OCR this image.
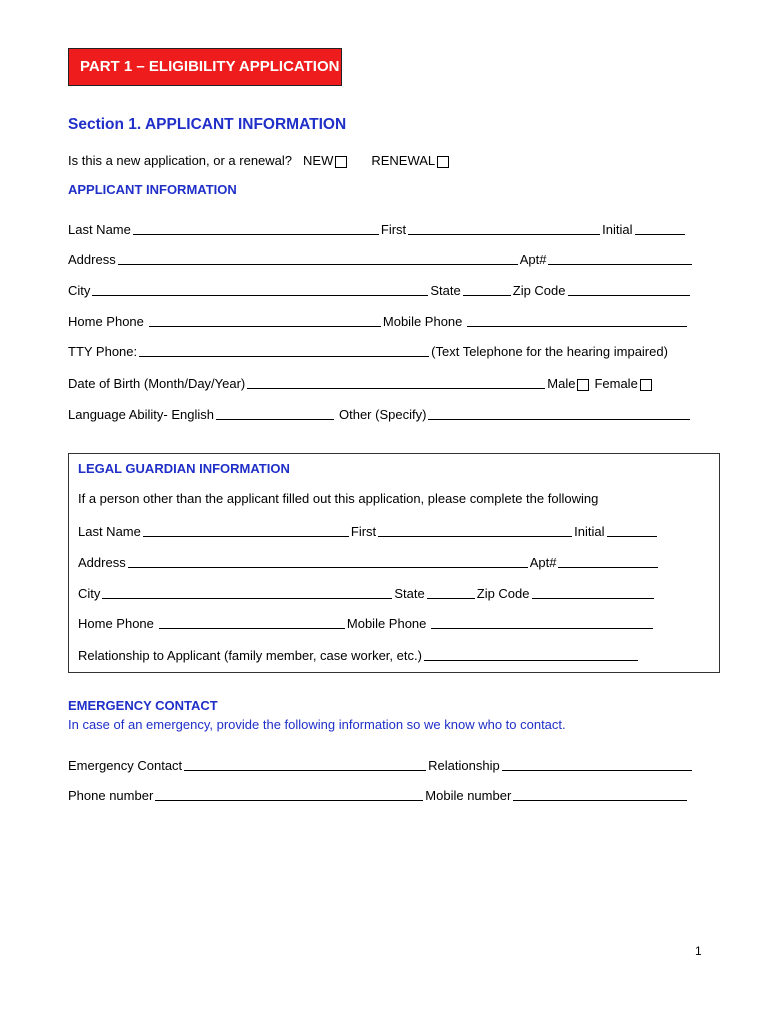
PART 1 – ELIGIBILITY APPLICATION
Section 1. APPLICANT INFORMATION
Is this a new application, or a renewal? NEW	RENEWAL
APPLICANT INFORMATION
Last Name	First	Initial
Address	Apt#
City	State	Zip Code
Home Phone	Mobile Phone
TTY Phone:	(Text Telephone for the hearing impaired)
Date of Birth (Month/Day/Year)	Male Female
Language Ability- English	Other (Specify)
LEGAL GUARDIAN INFORMATION
If a person other than the applicant filled out this application, please complete the following
Last Name	First	Initial
Address	Apt#
City	State	Zip Code
Home Phone	Mobile Phone
Relationship to Applicant (family member, case worker, etc.)
EMERGENCY CONTACT
In case of an emergency, provide the following information so we know who to contact.
Emergency Contact	Relationship
Phone number	Mobile number
1
